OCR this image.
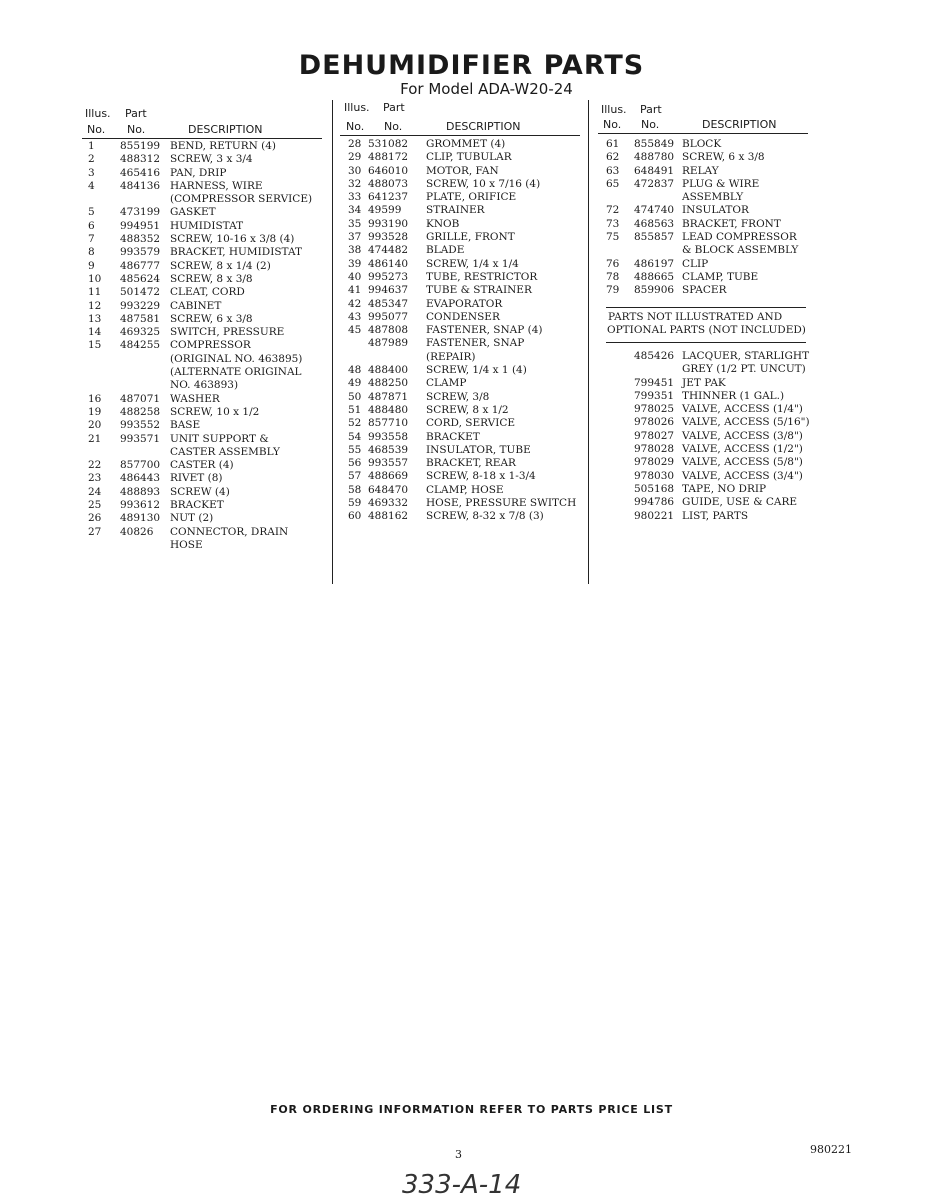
DEHUMIDIFIER PARTS
For Model ADA-W20-24
Illus. Part
No. No.	DESCRIPTION
1 855199 BEND, RETURN (4)
2 488312 SCREW, 3 x 3/4
3 465416 PAN, DRIP
4 484136 HARNESS, WIRE
(COMPRESSOR SERVICE)
5 473199 GASKET
6 994951 HUMIDISTAT
7 488352 SCREW, 10-16 x 3/8 (4)
8 993579 BRACKET, HUMIDISTAT
9 486777 SCREW, 8 x 1/4 (2)
10 485624 SCREW, 8 x 3/8
11 501472 CLEAT, CORD
12 993229 CABINET
13 487581 SCREW, 6 x 3/8
14 469325 SWITCH, PRESSURE
15 484255 COMPRESSOR
(ORIGINAL NO. 463895)
(ALTERNATE ORIGINAL
NO. 463893)
16 487071 WASHER
19 488258 SCREW, 10 x 1/2
20 993552 BASE
21 993571 UNIT SUPPORT &
CASTER ASSEMBLY
22 857700 CASTER (4)
23 486443 RIVET (8)
24 488893 SCREW (4)
25 993612 BRACKET
26 489130 NUT (2)
27 40826 CONNECTOR, DRAIN
HOSE
Illus. Part
No. No.	DESCRIPTION
28 531082 GROMMET (4)
29 488172 CLIP, TUBULAR
30 646010 MOTOR, FAN
32 488073 SCREW, 10 x 7/16 (4)
33 641237 PLATE, ORIFICE
34 49599 STRAINER
35 993190 KNOB
37 993528 GRILLE, FRONT
38 474482 BLADE
39 486140 SCREW, 1/4 x 1/4
40 995273 TUBE, RESTRICTOR
41 994637 TUBE & STRAINER
42 485347 EVAPORATOR
43 995077 CONDENSER
45 487808 FASTENER, SNAP (4)
487989 FASTENER, SNAP
(REPAIR)
48 488400 SCREW, 1/4 x 1 (4)
49 488250 CLAMP
50 487871 SCREW, 3/8
51 488480 SCREW, 8 x 1/2
52 857710 CORD, SERVICE
54 993558 BRACKET
55 468539 INSULATOR, TUBE
56 993557 BRACKET, REAR
57 488669 SCREW, 8-18 x 1-3/4
58 648470 CLAMP, HOSE
59 469332 HOSE, PRESSURE SWITCH
60 488162 SCREW, 8-32 x 7/8 (3)
Illus. Part
No. No.	DESCRIPTION
61 855849 BLOCK
62 488780 SCREW, 6 x 3/8
63 648491 RELAY
65 472837 PLUG & WIRE
ASSEMBLY
72 474740 INSULATOR
73 468563 BRACKET, FRONT
75 855857 LEAD COMPRESSOR
& BLOCK ASSEMBLY
76 486197 CLIP
78 488665 CLAMP, TUBE
79 859906 SPACER
PARTS NOT ILLUSTRATED AND
OPTIONAL PARTS (NOT INCLUDED)
485426 LACQUER, STARLIGHT
GREY (1/2 PT. UNCUT)
799451 JET PAK
799351 THINNER (1 GAL.)
978025 VALVE, ACCESS (1/4")
978026 VALVE, ACCESS (5/16")
978027 VALVE, ACCESS (3/8")
978028 VALVE, ACCESS (1/2")
978029 VALVE, ACCESS (5/8")
978030 VALVE, ACCESS (3/4")
505168 TAPE, NO DRIP
994786 GUIDE, USE & CARE
980221 LIST, PARTS
FOR ORDERING INFORMATION REFER TO PARTS PRICE LIST
3	980221
333-A-14
